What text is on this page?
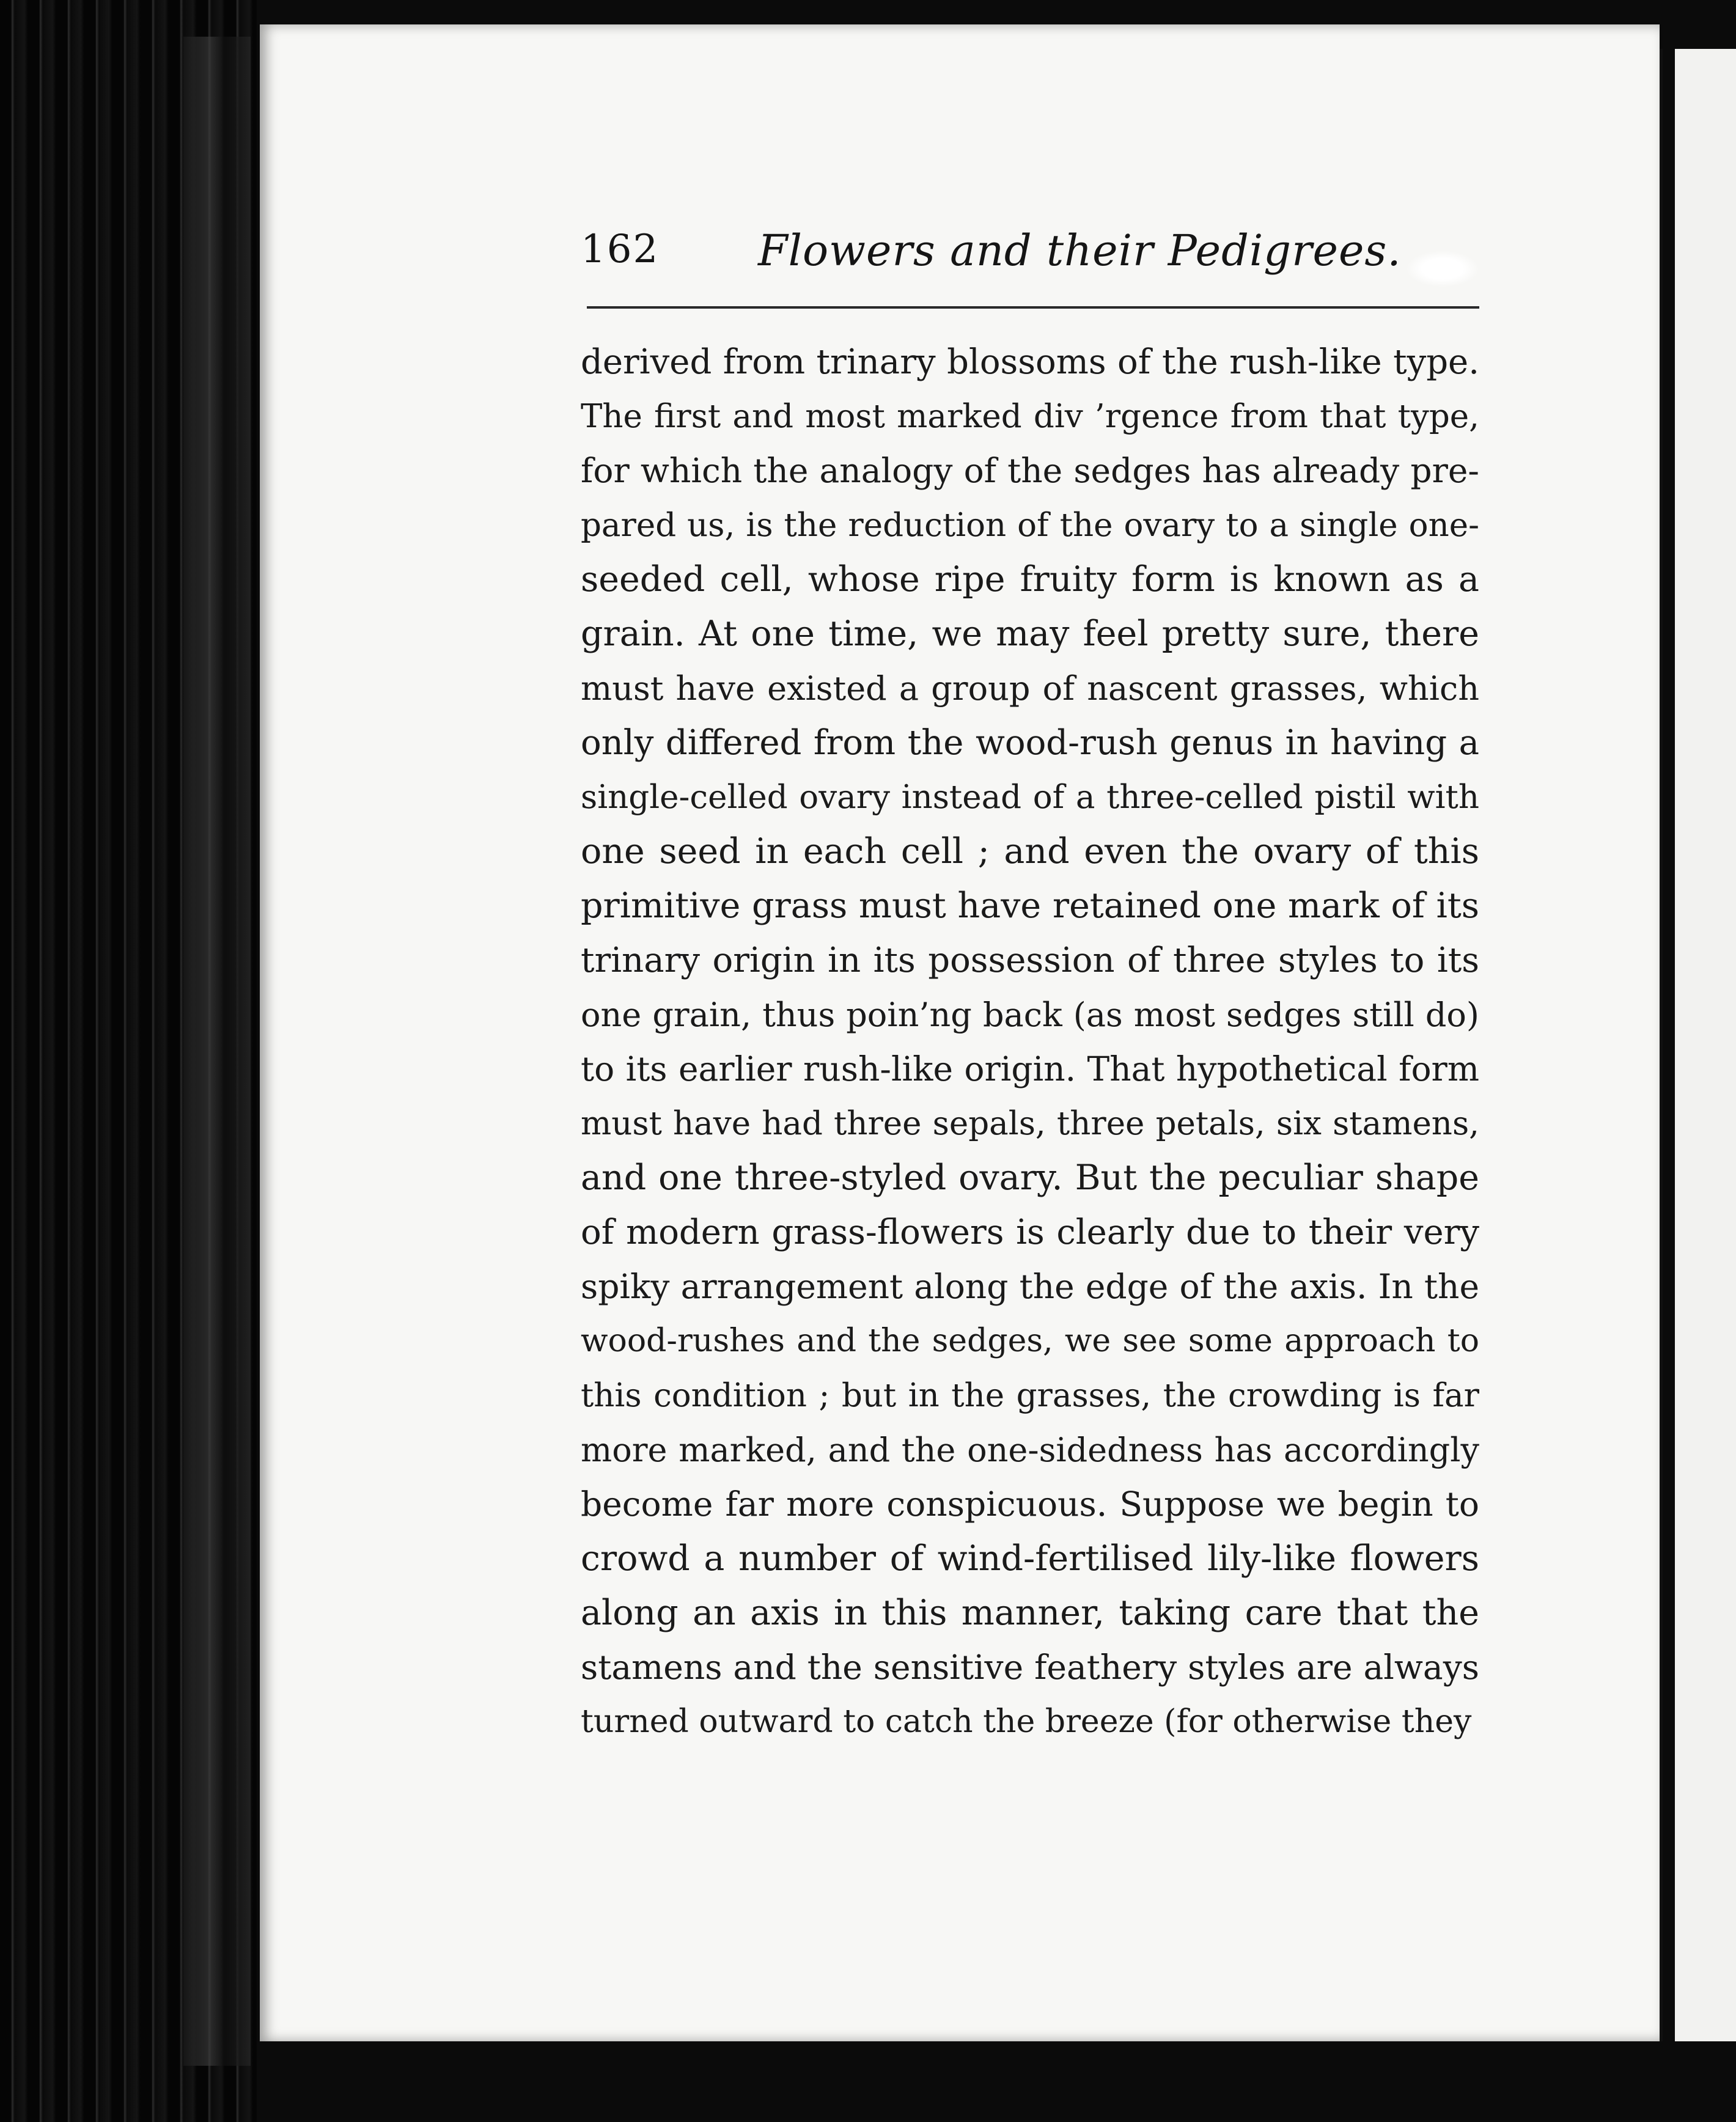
162 Flowers and their Pedigrees.
derived from trinary blossoms of the rush-like type.
The first and most marked div ’rgence from that type,
for which the analogy of the sedges has already pre-
pared us, is the reduction of the ovary to a single one-
seeded cell, whose ripe fruity form is known as a
grain. At one time, we may feel pretty sure, there
must have existed a group of nascent grasses, which
only differed from the wood-rush genus in having a
single-celled ovary instead of a three-celled pistil with
one seed in each cell ; and even the ovary of this
primitive grass must have retained one mark of its
trinary origin in its possession of three styles to its
one grain, thus poin’ng back (as most sedges still do)
to its earlier rush-like origin. That hypothetical form
must have had three sepals, three petals, six stamens,
and one three-styled ovary. But the peculiar shape
of modern grass-flowers is clearly due to their very
spiky arrangement along the edge of the axis. In the
wood-rushes and the sedges, we see some approach to
this condition ; but in the grasses, the crowding is far
more marked, and the one-sidedness has accordingly
become far more conspicuous. Suppose we begin to
crowd a number of wind-fertilised lily-like flowers
along an axis in this manner, taking care that the
stamens and the sensitive feathery styles are always
turned outward to catch the breeze (for otherwise they
